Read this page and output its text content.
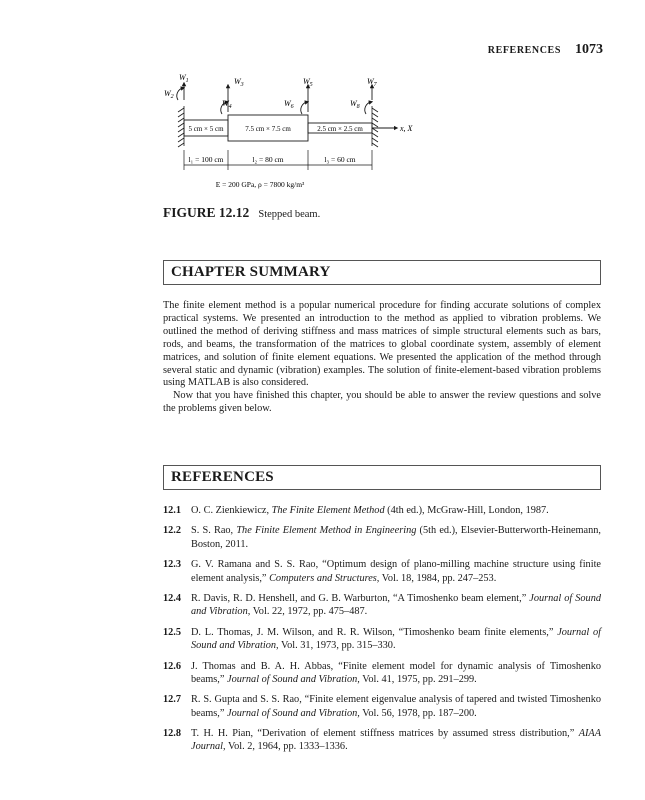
REFERENCES 1073
5 cm × 5 cm	7.5 cm × 7.5 cm	2.5 cm × 2.5 cm	x, X
$W_1$
$W_2$
$W_3$
$W_4$
$W_5$
$W_6$
$W_7$
$W_8$
l₁ = 100 cm	l₂ = 80 cm	l₃ = 60 cm
E = 200 GPa, ρ = 7800 kg/m³
FIGURE 12.12 Stepped beam.
CHAPTER SUMMARY

The finite element method is a popular numerical procedure for finding accurate solutions of complex practical systems. We presented an introduction to the method as applied to vibration problems. We outlined the method of deriving stiffness and mass matrices of simple structural elements such as bars, rods, and beams, the transformation of the matrices to global coordinate system, assembly of element matrices, and solution of finite element equations. We presented the application of the method through several static and dynamic (vibration) examples. The solution of finite-element-based vibration problems using MATLAB is also considered.

Now that you have finished this chapter, you should be able to answer the review questions and solve the problems given below.

REFERENCES
12.1 O. C. Zienkiewicz, The Finite Element Method (4th ed.), McGraw-Hill, London, 1987.
12.2 S. S. Rao, The Finite Element Method in Engineering (5th ed.), Elsevier-Butterworth-Heinemann, Boston, 2011.
12.3 G. V. Ramana and S. S. Rao, “Optimum design of plano-milling machine structure using finite element analysis,” Computers and Structures, Vol. 18, 1984, pp. 247–253.
12.4 R. Davis, R. D. Henshell, and G. B. Warburton, “A Timoshenko beam element,” Journal of Sound and Vibration, Vol. 22, 1972, pp. 475–487.
12.5 D. L. Thomas, J. M. Wilson, and R. R. Wilson, “Timoshenko beam finite elements,” Journal of Sound and Vibration, Vol. 31, 1973, pp. 315–330.
12.6 J. Thomas and B. A. H. Abbas, “Finite element model for dynamic analysis of Timoshenko beams,” Journal of Sound and Vibration, Vol. 41, 1975, pp. 291–299.
12.7 R. S. Gupta and S. S. Rao, “Finite element eigenvalue analysis of tapered and twisted Timoshenko beams,” Journal of Sound and Vibration, Vol. 56, 1978, pp. 187–200.
12.8 T. H. H. Pian, “Derivation of element stiffness matrices by assumed stress distribution,” AIAA Journal, Vol. 2, 1964, pp. 1333–1336.
